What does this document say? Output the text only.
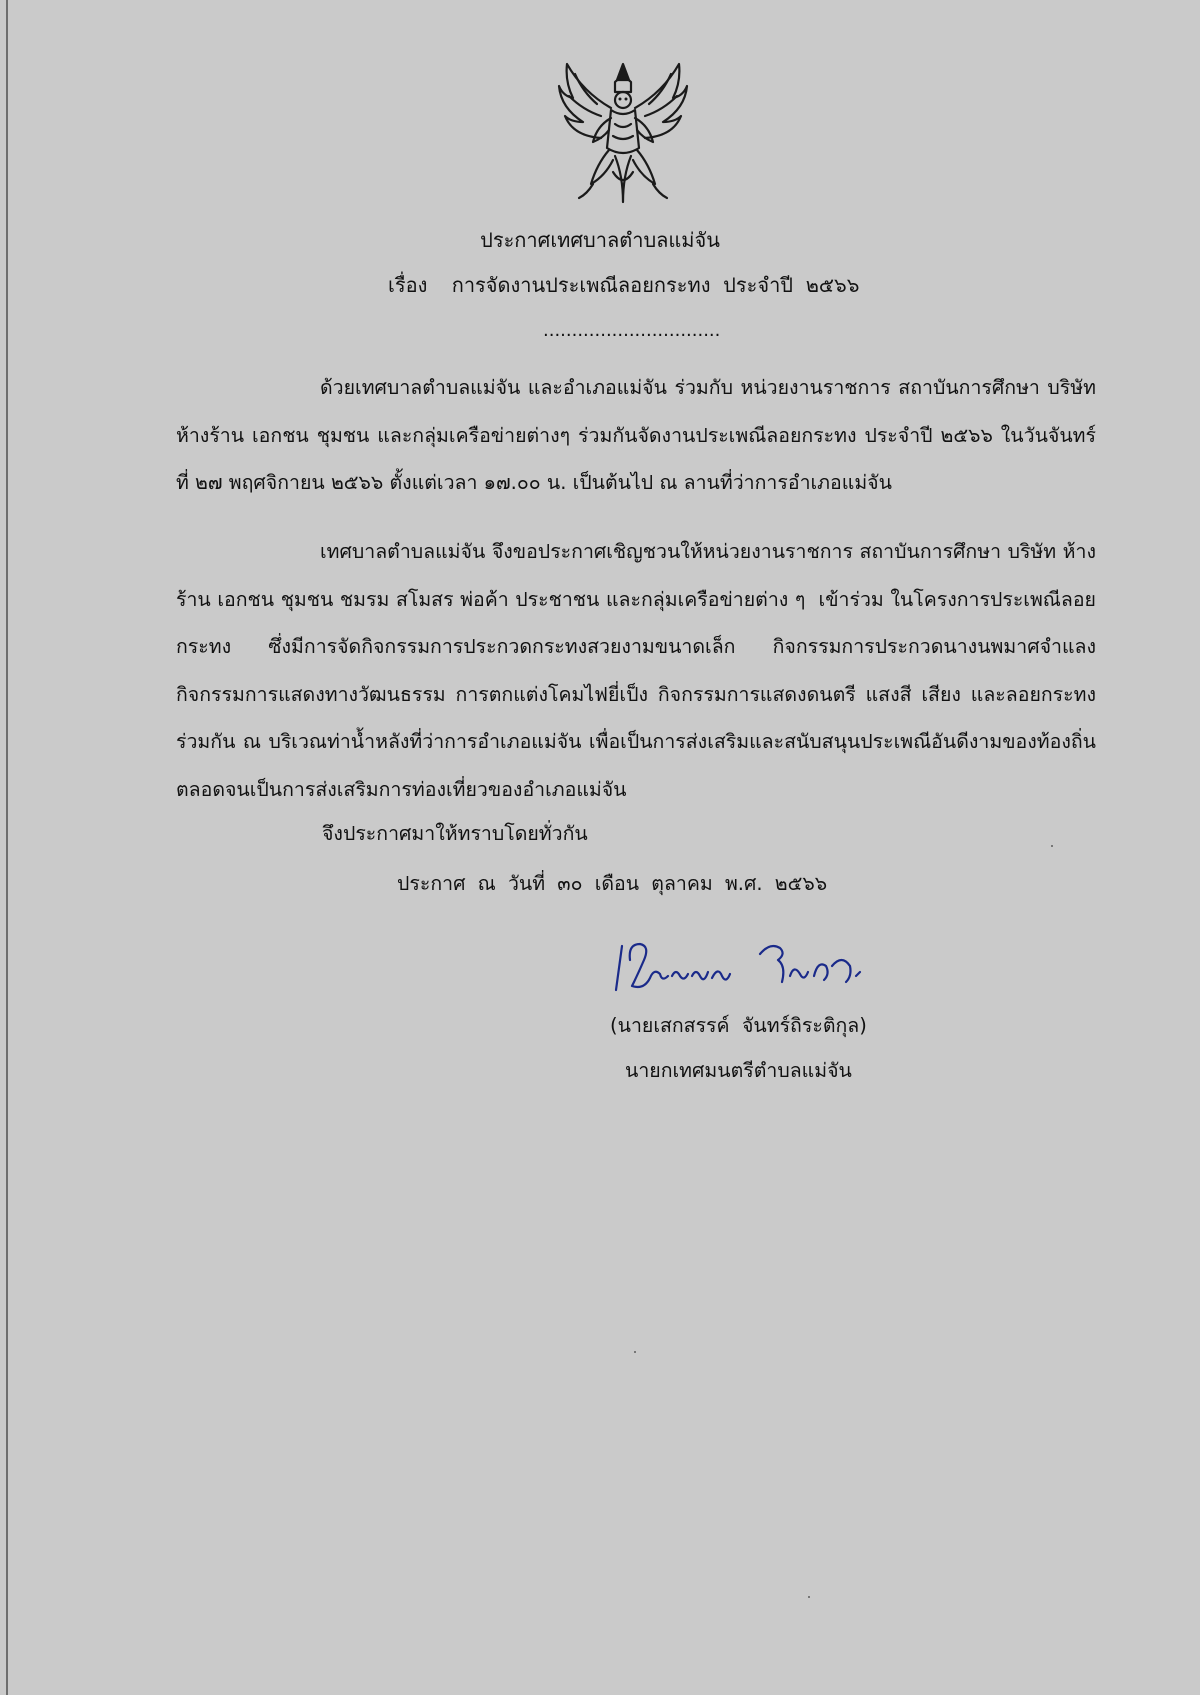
ประกาศเทศบาลตำบลแม่จัน
เรื่อง การจัดงานประเพณีลอยกระทง  ประจำปี  ๒๕๖๖
...............................
ด้วยเทศบาลตำบลแม่จัน และอำเภอแม่จัน ร่วมกับ หน่วยงานราชการ สถาบันการศึกษา บริษัท ห้างร้าน เอกชน ชุมชน และกลุ่มเครือข่ายต่างๆ ร่วมกันจัดงานประเพณีลอยกระทง ประจำปี ๒๕๖๖ ในวันจันทร์ที่ ๒๗ พฤศจิกายน ๒๕๖๖ ตั้งแต่เวลา ๑๗.๐๐ น. เป็นต้นไป ณ ลานที่ว่าการอำเภอแม่จัน
เทศบาลตำบลแม่จัน จึงขอประกาศเชิญชวนให้หน่วยงานราชการ สถาบันการศึกษา บริษัท ห้างร้าน เอกชน ชุมชน ชมรม สโมสร พ่อค้า ประชาชน และกลุ่มเครือข่ายต่าง ๆ  เข้าร่วม ในโครงการประเพณีลอยกระทง ซึ่งมีการจัดกิจกรรมการประกวดกระทงสวยงามขนาดเล็ก กิจกรรมการประกวดนางนพมาศจำแลง กิจกรรมการแสดงทางวัฒนธรรม การตกแต่งโคมไฟยี่เป็ง กิจกรรมการแสดงดนตรี แสงสี เสียง และลอยกระทงร่วมกัน ณ บริเวณท่าน้ำหลังที่ว่าการอำเภอแม่จัน เพื่อเป็นการส่งเสริมและสนับสนุนประเพณีอันดีงามของท้องถิ่น ตลอดจนเป็นการส่งเสริมการท่องเที่ยวของอำเภอแม่จัน
จึงประกาศมาให้ทราบโดยทั่วกัน
ประกาศ ณ วันที่ ๓๐ เดือน ตุลาคม พ.ศ. ๒๕๖๖
(นายเสกสรรค์  จันทร์ถิระติกุล)
นายกเทศมนตรีตำบลแม่จัน
